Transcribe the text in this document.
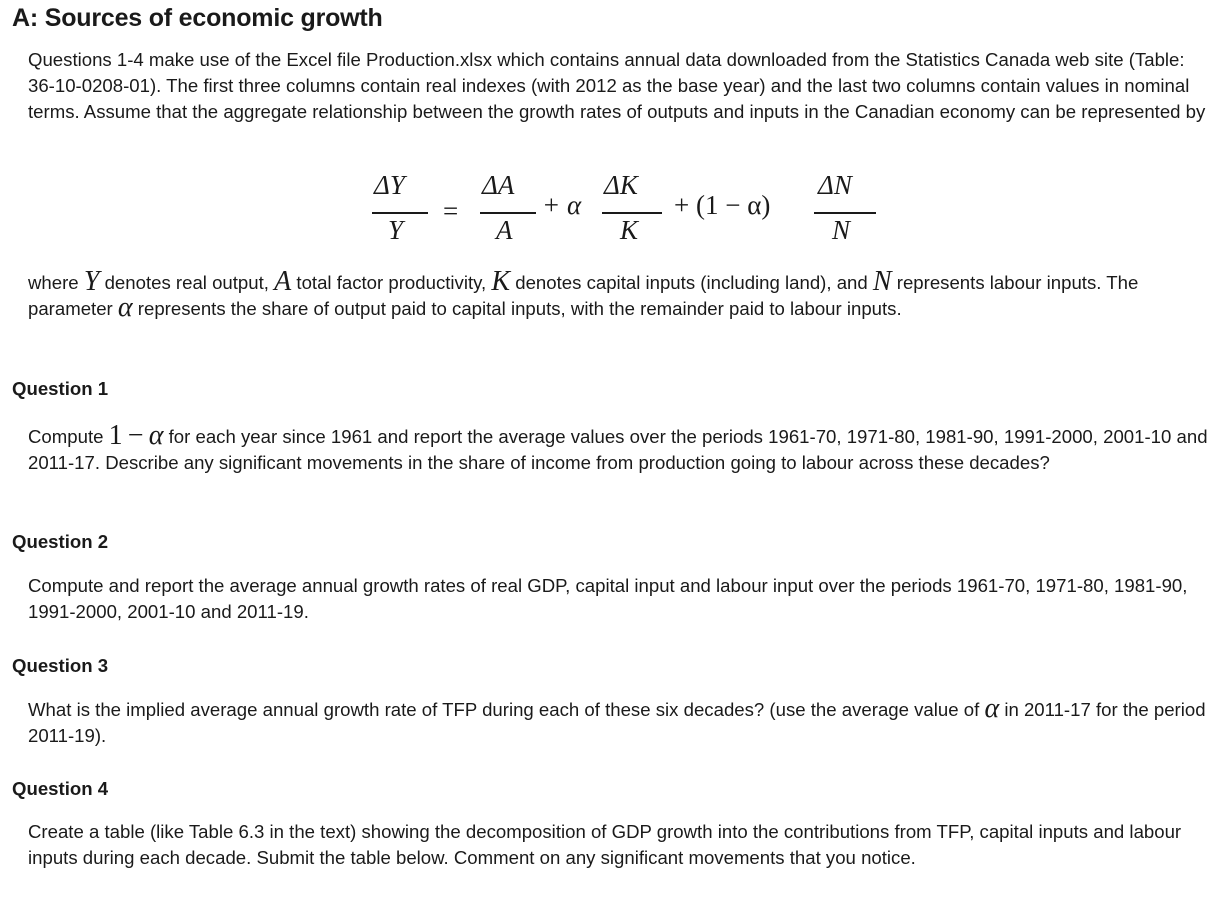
A: Sources of economic growth

Questions 1-4 make use of the Excel file Production.xlsx which contains annual data downloaded from the Statistics Canada web site (Table: 36-10-0208-01). The first three columns contain real indexes (with 2012 as the base year) and the last two columns contain values in nominal terms. Assume that the aggregate relationship between the growth rates of outputs and inputs in the Canadian economy can be represented by

ΔY
Y
=
ΔA
A
+ α
ΔK
K
+ (1 − α)
ΔN
N

where Y denotes real output, A total factor productivity, K denotes capital inputs (including land), and N represents labour inputs. The parameter α represents the share of output paid to capital inputs, with the remainder paid to labour inputs.

Question 1

Compute 1 − α for each year since 1961 and report the average values over the periods 1961-70, 1971-80, 1981-90, 1991-2000, 2001-10 and 2011-17. Describe any significant movements in the share of income from production going to labour across these decades?

Question 2

Compute and report the average annual growth rates of real GDP, capital input and labour input over the periods 1961-70, 1971-80, 1981-90, 1991-2000, 2001-10 and 2011-19.

Question 3

What is the implied average annual growth rate of TFP during each of these six decades? (use the average value of α in 2011-17 for the period 2011-19).

Question 4

Create a table (like Table 6.3 in the text) showing the decomposition of GDP growth into the contributions from TFP, capital inputs and labour inputs during each decade. Submit the table below. Comment on any significant movements that you notice.
